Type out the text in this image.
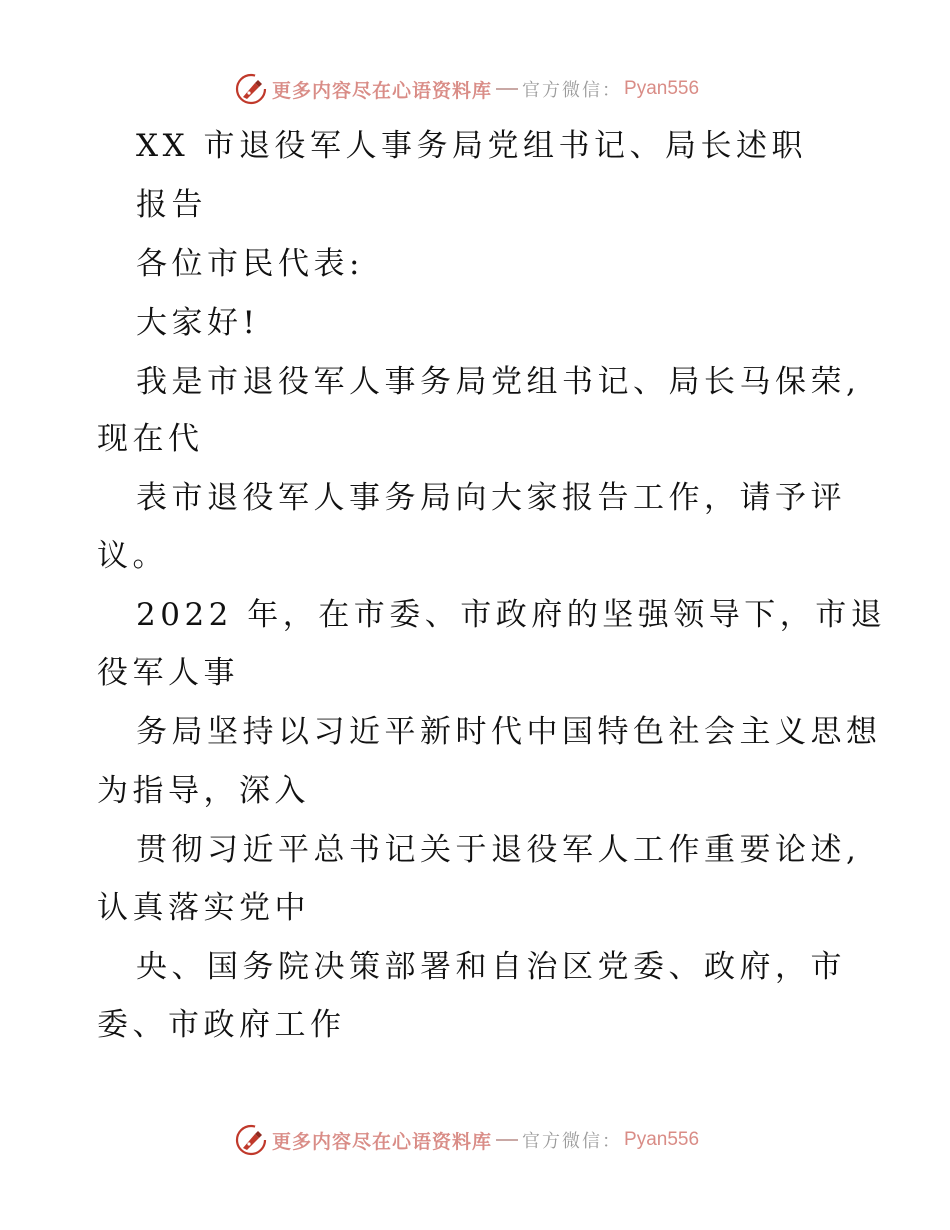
更多内容尽在心语资料库 官方微信： Pyan556
XX 市退役军人事务局党组书记、局长述职
报告
各位市民代表:
大家好!
我是市退役军人事务局党组书记、局长马保荣,
现在代
表市退役军人事务局向大家报告工作，请予评
议。
2022 年，在市委、市政府的坚强领导下，市退
役军人事
务局坚持以习近平新时代中国特色社会主义思想
为指导，深入
贯彻习近平总书记关于退役军人工作重要论述,
认真落实党中
央、国务院决策部署和自治区党委、政府，市
委、市政府工作
更多内容尽在心语资料库 官方微信： Pyan556
